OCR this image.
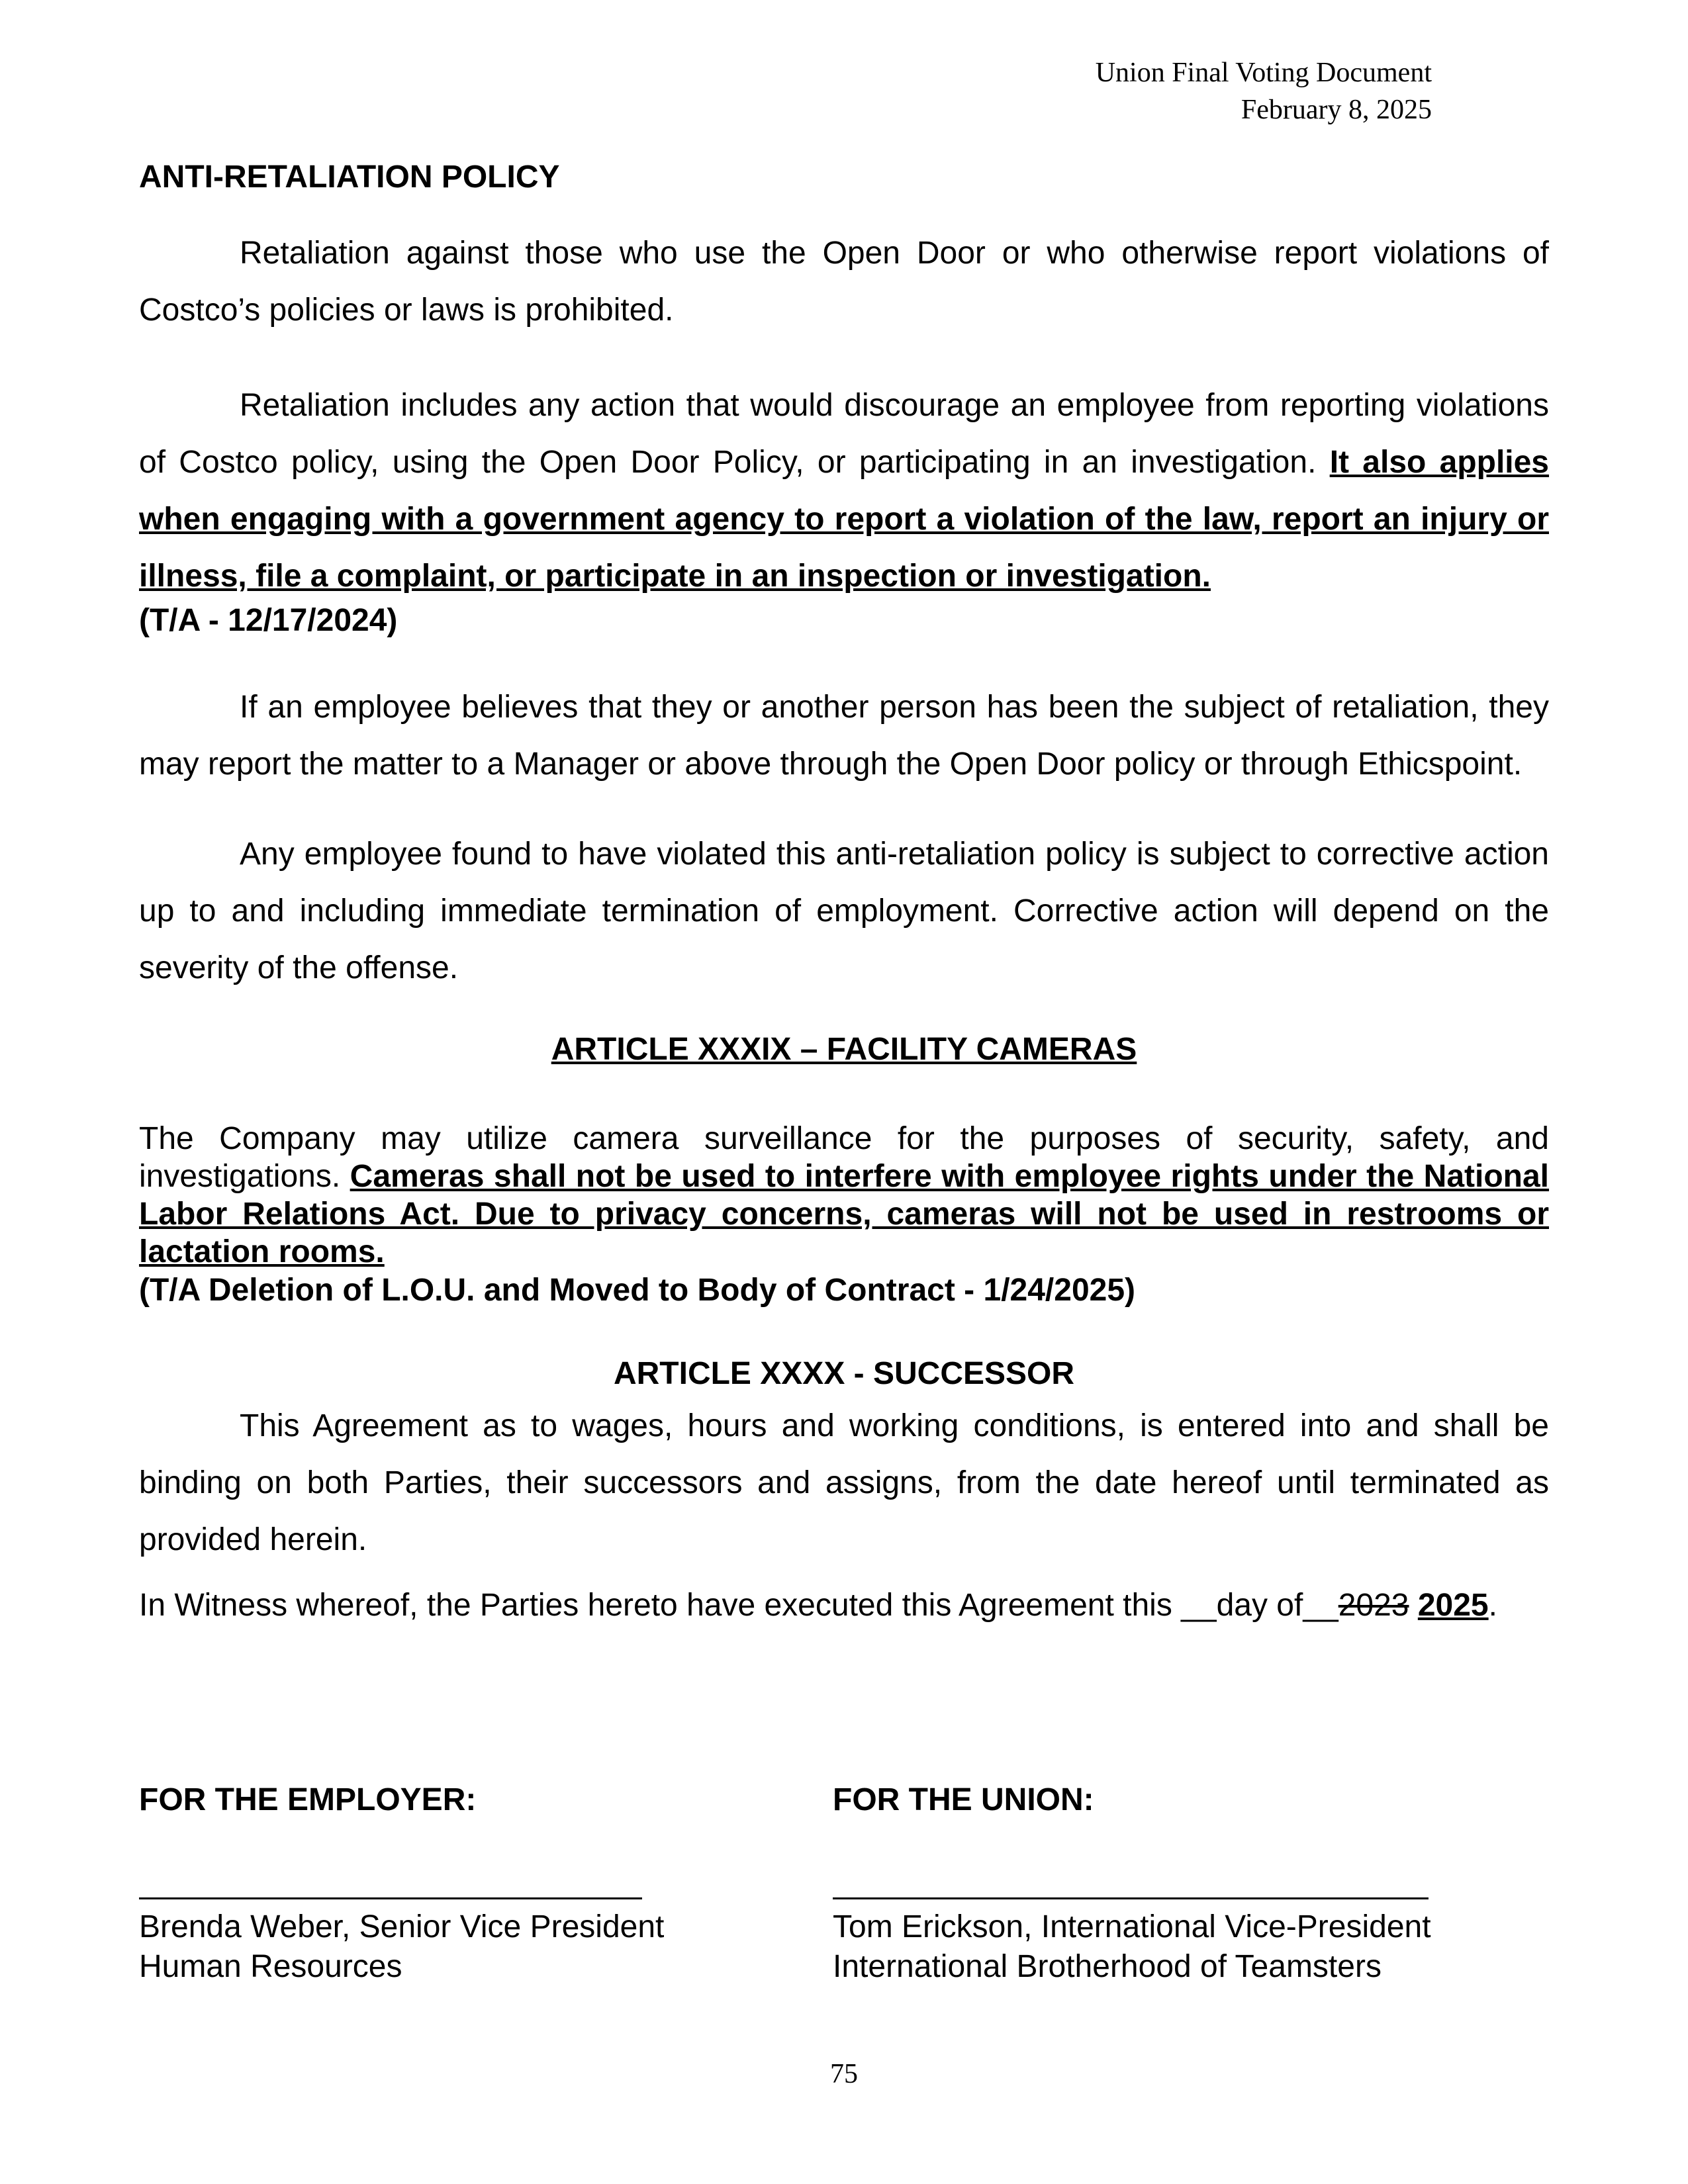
Union Final Voting Document
February 8, 2025
ANTI-RETALIATION POLICY

Retaliation against those who use the Open Door or who otherwise report violations of Costco’s policies or laws is prohibited.

Retaliation includes any action that would discourage an employee from reporting violations of Costco policy, using the Open Door Policy, or participating in an investigation. It also applies when engaging with a government agency to report a violation of the law, report an injury or illness, file a complaint, or participate in an inspection or investigation.

(T/A - 12/17/2024)

If an employee believes that they or another person has been the subject of retaliation, they may report the matter to a Manager or above through the Open Door policy or through Ethicspoint.

Any employee found to have violated this anti-retaliation policy is subject to corrective action up to and including immediate termination of employment. Corrective action will depend on the severity of the offense.

ARTICLE XXXIX – FACILITY CAMERAS

The Company may utilize camera surveillance for the purposes of security, safety, and investigations. Cameras shall not be used to interfere with employee rights under the National Labor Relations Act. Due to privacy concerns, cameras will not be used in restrooms or lactation rooms.

(T/A Deletion of L.O.U. and Moved to Body of Contract - 1/24/2025)

ARTICLE XXXX - SUCCESSOR

This Agreement as to wages, hours and working conditions, is entered into and shall be binding on both Parties, their successors and assigns, from the date hereof until terminated as provided herein.

In Witness whereof, the Parties hereto have executed this Agreement this __day of__2023 2025.

FOR THE EMPLOYER:
Brenda Weber, Senior Vice President
Human Resources
FOR THE UNION:
Tom Erickson, International Vice-President
International Brotherhood of Teamsters
75
